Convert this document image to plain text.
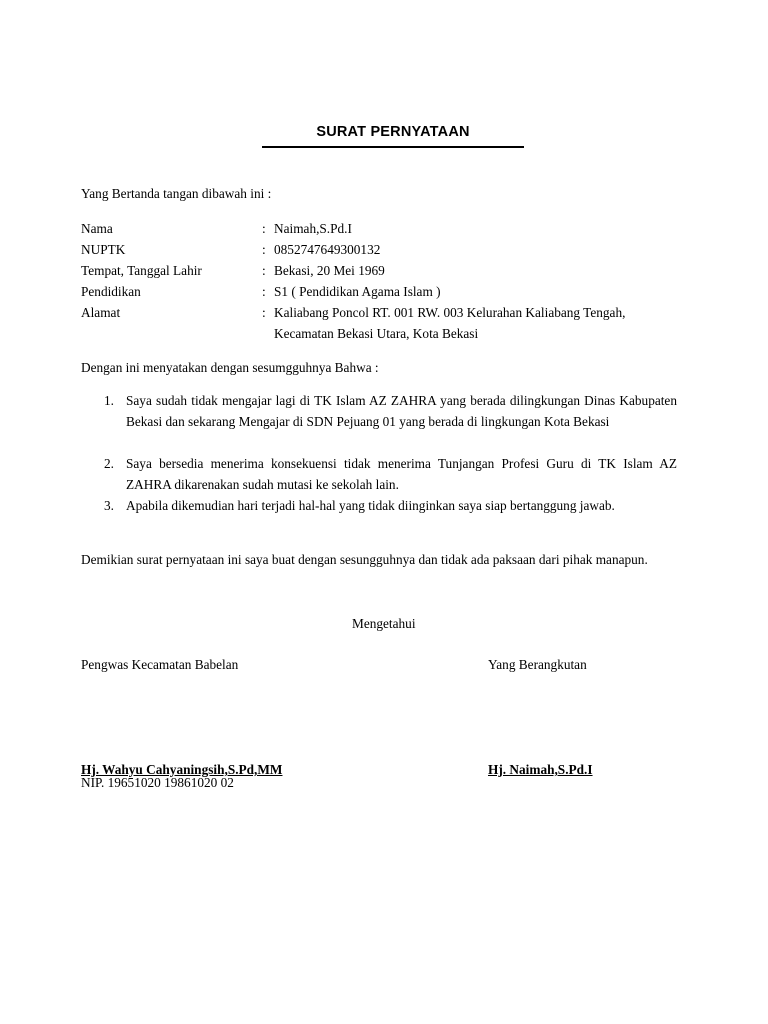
SURAT PERNYATAAN
Yang Bertanda tangan dibawah ini :
Nama	: Naimah,S.Pd.I
NUPTK	: 0852747649300132
Tempat, Tanggal Lahir	: Bekasi, 20 Mei 1969
Pendidikan	: S1 ( Pendidikan Agama Islam )
Alamat	: Kaliabang Poncol RT. 001 RW. 003 Kelurahan Kaliabang Tengah,
Kecamatan Bekasi Utara, Kota Bekasi
Dengan ini menyatakan dengan sesumgguhnya Bahwa :
1. Saya sudah tidak mengajar lagi di TK Islam AZ ZAHRA yang berada dilingkungan Dinas Kabupaten Bekasi dan sekarang Mengajar di SDN Pejuang 01 yang berada di lingkungan Kota Bekasi
2. Saya bersedia menerima konsekuensi tidak menerima Tunjangan Profesi Guru di TK Islam AZ ZAHRA dikarenakan sudah mutasi ke sekolah lain.
3. Apabila dikemudian hari terjadi hal-hal yang tidak diinginkan saya siap bertanggung jawab.
Demikian surat pernyataan ini saya buat dengan sesungguhnya dan tidak ada paksaan dari pihak manapun.
Mengetahui
Pengwas Kecamatan Babelan	Yang Berangkutan
Hj. Wahyu Cahyaningsih,S.Pd,MM	Hj. Naimah,S.Pd.I
NIP. 19651020 19861020 02
